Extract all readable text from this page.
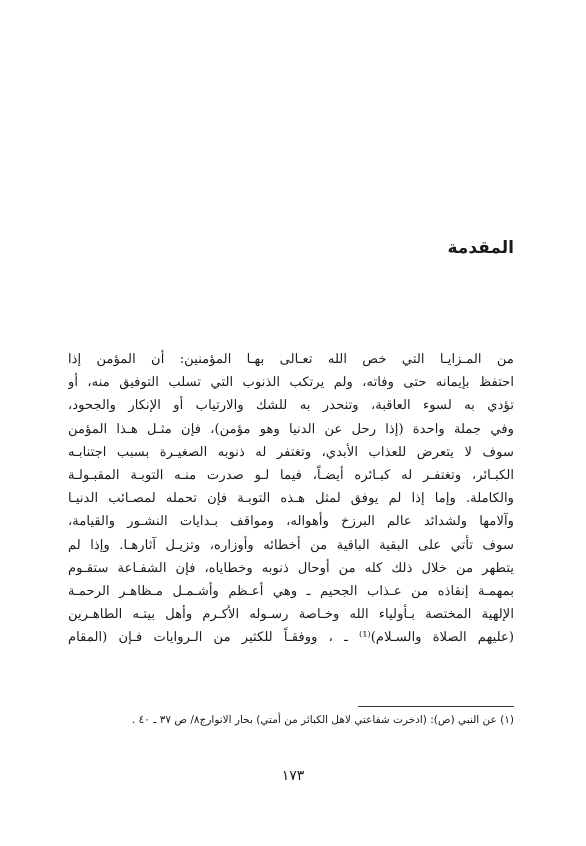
المقدمة
من المـزايـا التي خص الله تعـالى بهـا المؤمنين: أن المؤمن إذا
احتفظ بإيمانه حتى وفاته، ولم يرتكب الذنوب التي تسلب التوفيق منه، أو
تؤدي به لسوء العاقبة، وتنحدر به للشك والارتياب أو الإنكار والجحود،
وفي جملة واحدة (إذا رحل عن الدنيا وهو مؤمن)، فإن مثـل هـذا المؤمن
سوف لا يتعرض للعذاب الأبدي، وتغتفر له ذنوبه الصغيـرة بسبب اجتنابـه
الكبـائر، وتغتفـر له كبـائره أيضـاً، فيما لـو صدرت منـه التوبـة المقبـولـة
والكاملة. وإما إذا لم يوفق لمثل هـذه التوبـة فإن تحمله لمصـائب الدنيـا
وآلامها ولشدائد عالم البرزخ وأهواله، ومواقف بـدايات النشـور والقيامة،
سوف تأتي على البقية الباقية من أخطائه وأوزاره، وتزيـل آثارهـا. وإذا لم
يتطهر من خلال ذلك كله من أوحال ذنوبه وخطاياه، فإن الشفـاعة ستقـوم
بمهمـة إنقاذه من عـذاب الجحيم ـ وهي أعـظم وأشـمـل مـظاهـر الرحمـة
الإلهية المختصة بـأولياء الله وخـاصة رسـوله الأكـرم وأهل بيتـه الطاهـرين
(عليهم الصلاة والسـلام)⁽¹⁾ ـ ، ووفقـاً للكثير من الـروايات فـإن (المقام
(١) عن النبي (ص): (ادخرت شفاعتي لاهل الكبائر من أمتي) بحار الانوارج٨/ ص ٣٧ ـ ٤٠ .
١٧٣
